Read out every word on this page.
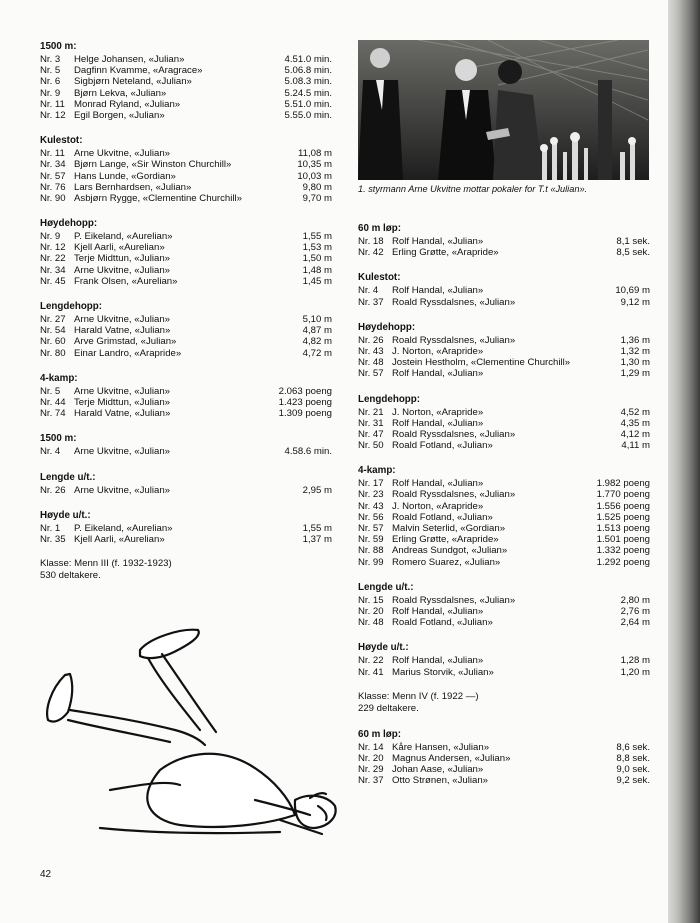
1500 m:
Nr. 3	Helge Johansen, «Julian»	4.51.0 min.
Nr. 5	Dagfinn Kvamme, «Aragrace»	5.06.8 min.
Nr. 6	Sigbjørn Neteland, «Julian»	5.08.3 min.
Nr. 9	Bjørn Lekva, «Julian»	5.24.5 min.
Nr. 11 Monrad Ryland, «Julian»	5.51.0 min.
Nr. 12 Egil Borgen, «Julian»	5.55.0 min.
Kulestot:
Nr. 11 Arne Ukvitne, «Julian»	11,08 m
Nr. 34 Bjørn Lange, «Sir Winston Churchill»	10,35 m
Nr. 57 Hans Lunde, «Gordian»	10,03 m
Nr. 76 Lars Bernhardsen, «Julian»	9,80 m
Nr. 90 Asbjørn Rygge, «Clementine Churchill»	9,70 m
Høydehopp:
Nr. 9	P. Eikeland, «Aurelian»	1,55 m
Nr. 12 Kjell Aarli, «Aurelian»	1,53 m
Nr. 22 Terje Midttun, «Julian»	1,50 m
Nr. 34 Arne Ukvitne, «Julian»	1,48 m
Nr. 45 Frank Olsen, «Aurelian»	1,45 m
Lengdehopp:
Nr. 27 Arne Ukvitne, «Julian»	5,10 m
Nr. 54 Harald Vatne, «Julian»	4,87 m
Nr. 60 Arve Grimstad, «Julian»	4,82 m
Nr. 80 Einar Landro, «Arapride»	4,72 m
4-kamp:
Nr. 5	Arne Ukvitne, «Julian»	2.063 poeng
Nr. 44 Terje Midttun, «Julian»	1.423 poeng
Nr. 74 Harald Vatne, «Julian»	1.309 poeng
1500 m:
Nr. 4	Arne Ukvitne, «Julian»	4.58.6 min.
Lengde u/t.:
Nr. 26 Arne Ukvitne, «Julian»	2,95 m
Høyde u/t.:
Nr. 1	P. Eikeland, «Aurelian»	1,55 m
Nr. 35 Kjell Aarli, «Aurelian»	1,37 m
Klasse: Menn III (f. 1932-1923)
530 deltakere.
1. styrmann Arne Ukvitne mottar pokaler for T.t «Julian».
60 m løp:
Nr. 18 Rolf Handal, «Julian»	8,1 sek.
Nr. 42 Erling Grøtte, «Arapride»	8,5 sek.
Kulestot:
Nr. 4	Rolf Handal, «Julian»	10,69 m
Nr. 37 Roald Ryssdalsnes, «Julian»	9,12 m
Høydehopp:
Nr. 26 Roald Ryssdalsnes, «Julian»	1,36 m
Nr. 43 J. Norton, «Arapride»	1,32 m
Nr. 48 Jostein Hestholm, «Clementine Churchill»	1,30 m
Nr. 57 Rolf Handal, «Julian»	1,29 m
Lengdehopp:
Nr. 21 J. Norton, «Arapride»	4,52 m
Nr. 31 Rolf Handal, «Julian»	4,35 m
Nr. 47 Roald Ryssdalsnes, «Julian»	4,12 m
Nr. 50 Roald Fotland, «Julian»	4,11 m
4-kamp:
Nr. 17 Rolf Handal, «Julian»	1.982 poeng
Nr. 23 Roald Ryssdalsnes, «Julian»	1.770 poeng
Nr. 43 J. Norton, «Arapride»	1.556 poeng
Nr. 56 Roald Fotland, «Julian»	1.525 poeng
Nr. 57 Malvin Seterlid, «Gordian»	1.513 poeng
Nr. 59 Erling Grøtte, «Arapride»	1.501 poeng
Nr. 88 Andreas Sundgot, «Julian»	1.332 poeng
Nr. 99 Romero Suarez, «Julian»	1.292 poeng
Lengde u/t.:
Nr. 15 Roald Ryssdalsnes, «Julian»	2,80 m
Nr. 20 Rolf Handal, «Julian»	2,76 m
Nr. 48 Roald Fotland, «Julian»	2,64 m
Høyde u/t.:
Nr. 22 Rolf Handal, «Julian»	1,28 m
Nr. 41 Marius Storvik, «Julian»	1,20 m
Klasse: Menn IV (f. 1922 —)
229 deltakere.
60 m løp:
Nr. 14 Kåre Hansen, «Julian»	8,6 sek.
Nr. 20 Magnus Andersen, «Julian»	8,8 sek.
Nr. 29 Johan Aase, «Julian»	9,0 sek.
Nr. 37 Otto Strønen, «Julian»	9,2 sek.
42
